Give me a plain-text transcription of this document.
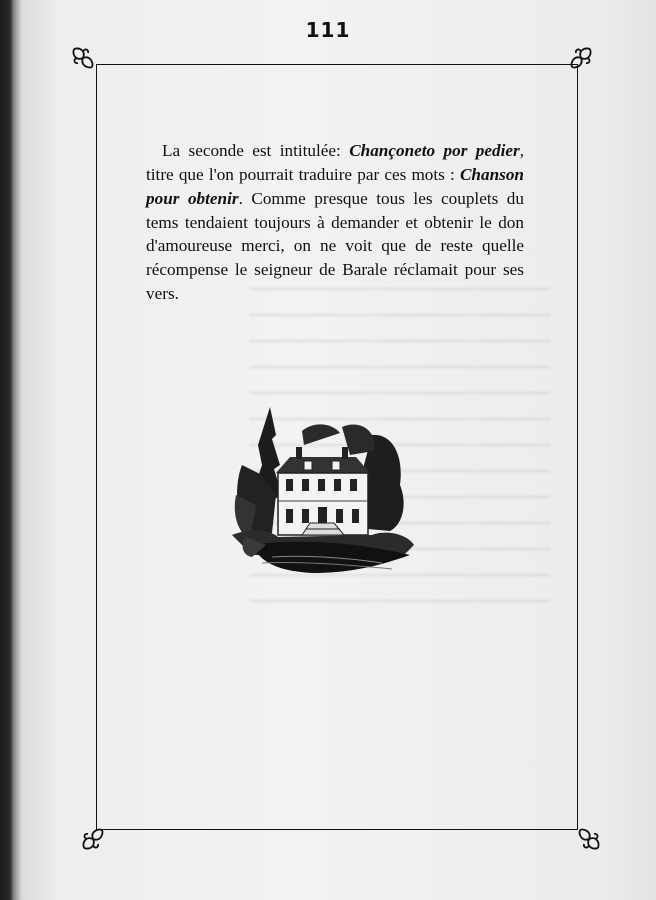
111

La seconde est intitulée: Chançoneto por pedier, titre que l'on pourrait traduire par ces mots : Chanson pour obtenir. Comme presque tous les couplets du tems tendaient toujours à demander et obtenir le don d'amoureuse merci, on ne voit que de reste quelle récompense le seigneur de Barale réclamait pour ses vers.
